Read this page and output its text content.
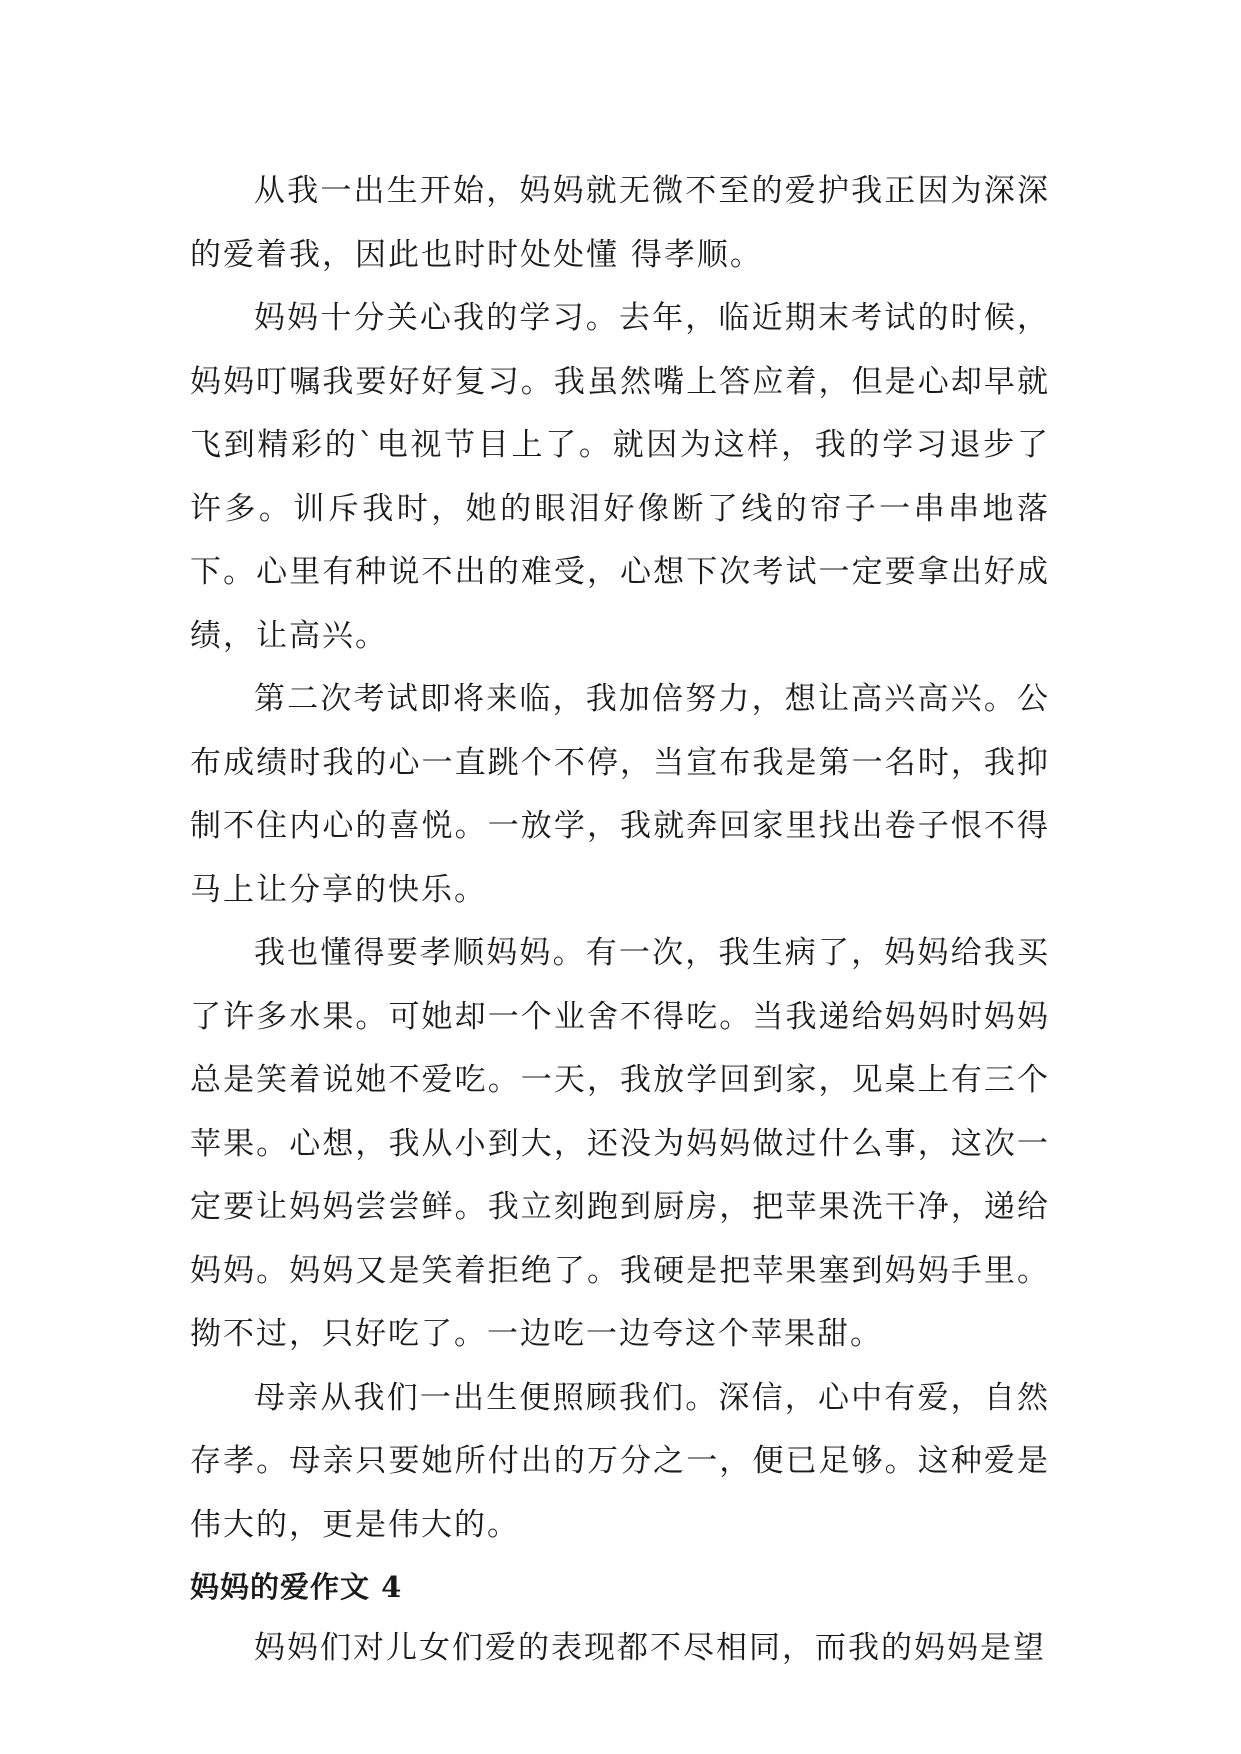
从我一出生开始，妈妈就无微不至的爱护我正因为深深的爱着我，因此也时时处处懂 得孝顺。

妈妈十分关心我的学习。去年，临近期末考试的时候，妈妈叮嘱我要好好复习。我虽然嘴上答应着，但是心却早就飞到精彩的`电视节目上了。就因为这样，我的学习退步了许多。训斥我时，她的眼泪好像断了线的帘子一串串地落下。心里有种说不出的难受，心想下次考试一定要拿出好成绩，让高兴。

第二次考试即将来临，我加倍努力，想让高兴高兴。公布成绩时我的心一直跳个不停，当宣布我是第一名时，我抑制不住内心的喜悦。一放学，我就奔回家里找出卷子恨不得马上让分享的快乐。

我也懂得要孝顺妈妈。有一次，我生病了，妈妈给我买了许多水果。可她却一个业舍不得吃。当我递给妈妈时妈妈总是笑着说她不爱吃。一天，我放学回到家，见桌上有三个苹果。心想，我从小到大，还没为妈妈做过什么事，这次一定要让妈妈尝尝鲜。我立刻跑到厨房，把苹果洗干净，递给妈妈。妈妈又是笑着拒绝了。我硬是把苹果塞到妈妈手里。拗不过，只好吃了。一边吃一边夸这个苹果甜。

母亲从我们一出生便照顾我们。深信，心中有爱，自然存孝。母亲只要她所付出的万分之一，便已足够。这种爱是伟大的，更是伟大的。

妈妈的爱作文 4

妈妈们对儿女们爱的表现都不尽相同，而我的妈妈是望
